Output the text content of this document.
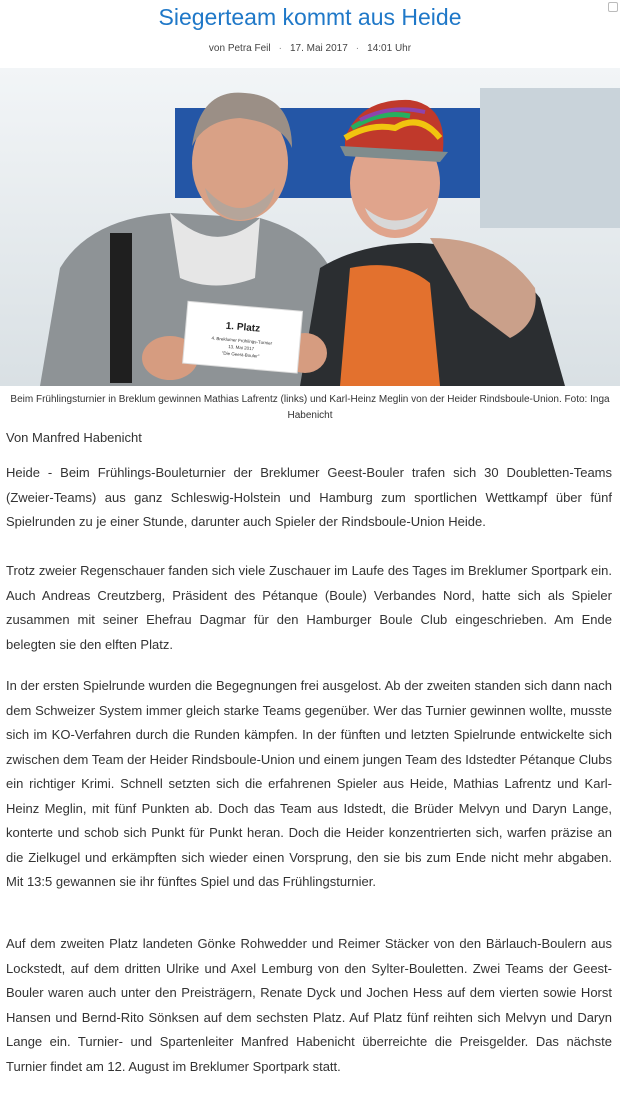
Siegerteam kommt aus Heide
von Petra Feil · 17. Mai 2017 · 14:01 Uhr
1. Platz
4. Breklumer Frühlings-Turnier
13. Mai 2017
"Die Geest-Bouler"
Beim Frühlingsturnier in Breklum gewinnen Mathias Lafrentz (links) und Karl-Heinz Meglin von der Heider Rindsboule-Union. Foto: Inga Habenicht
Von Manfred Habenicht

Heide - Beim Frühlings-Bouleturnier der Breklumer Geest-Bouler trafen sich 30 Doubletten-Teams (Zweier-Teams) aus ganz Schleswig-Holstein und Hamburg zum sportlichen Wettkampf über fünf Spielrunden zu je einer Stunde, darunter auch Spieler der Rindsboule-Union Heide.

Trotz zweier Regenschauer fanden sich viele Zuschauer im Laufe des Tages im Breklumer Sportpark ein. Auch Andreas Creutzberg, Präsident des Pétanque (Boule) Verbandes Nord, hatte sich als Spieler zusammen mit seiner Ehefrau Dagmar für den Hamburger Boule Club eingeschrieben. Am Ende belegten sie den elften Platz.

In der ersten Spielrunde wurden die Begegnungen frei ausgelost. Ab der zweiten standen sich dann nach dem Schweizer System immer gleich starke Teams gegenüber. Wer das Turnier gewinnen wollte, musste sich im KO-Verfahren durch die Runden kämpfen. In der fünften und letzten Spielrunde entwickelte sich zwischen dem Team der Heider Rindsboule-Union und einem jungen Team des Idstedter Pétanque Clubs ein richtiger Krimi. Schnell setzten sich die erfahrenen Spieler aus Heide, Mathias Lafrentz und Karl-Heinz Meglin, mit fünf Punkten ab. Doch das Team aus Idstedt, die Brüder Melvyn und Daryn Lange, konterte und schob sich Punkt für Punkt heran. Doch die Heider konzentrierten sich, warfen präzise an die Zielkugel und erkämpften sich wieder einen Vorsprung, den sie bis zum Ende nicht mehr abgaben. Mit 13:5 gewannen sie ihr fünftes Spiel und das Frühlingsturnier.

Auf dem zweiten Platz landeten Gönke Rohwedder und Reimer Stäcker von den Bärlauch-Boulern aus Lockstedt, auf dem dritten Ulrike und Axel Lemburg von den Sylter-Bouletten. Zwei Teams der Geest-Bouler waren auch unter den Preisträgern, Renate Dyck und Jochen Hess auf dem vierten sowie Horst Hansen und Bernd-Rito Sönksen auf dem sechsten Platz. Auf Platz fünf reihten sich Melvyn und Daryn Lange ein. Turnier- und Spartenleiter Manfred Habenicht überreichte die Preisgelder. Das nächste Turnier findet am 12. August im Breklumer Sportpark statt.
